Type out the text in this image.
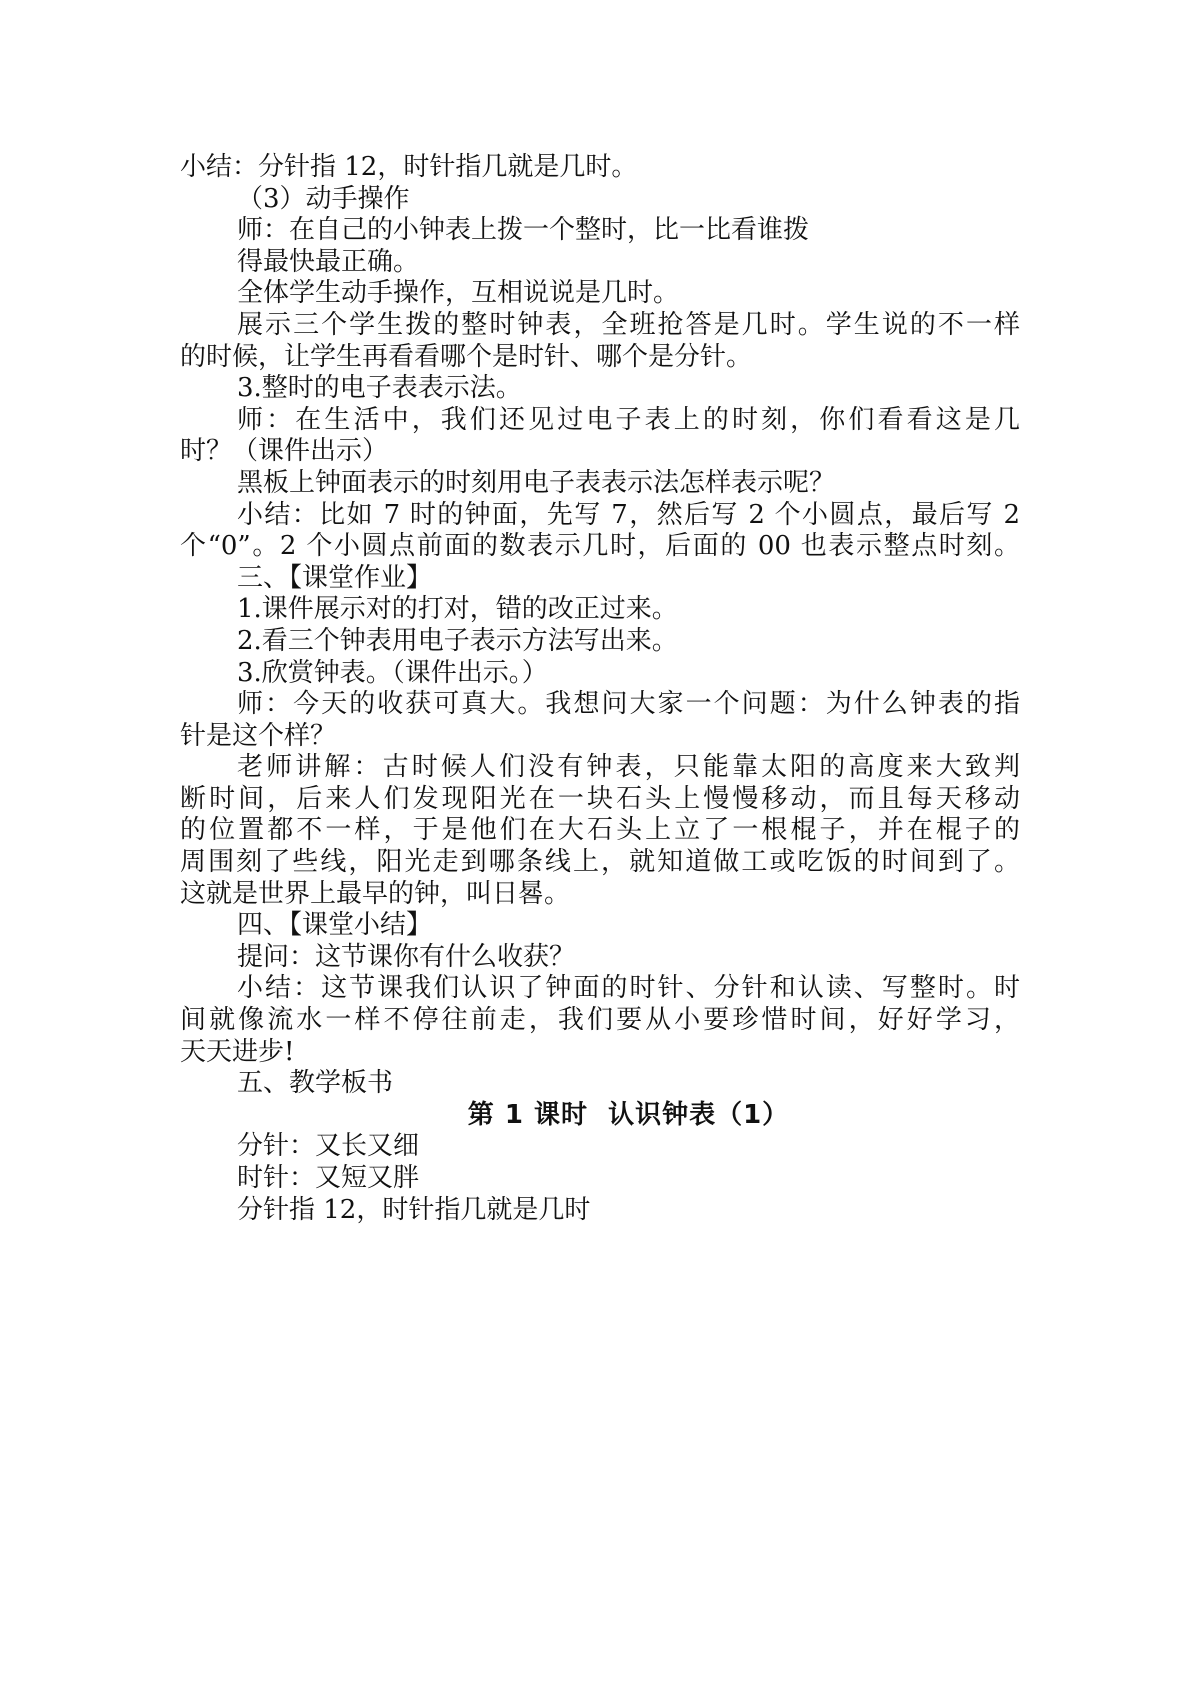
小结：分针指 12，时针指几就是几时。
（3）动手操作
师：在自己的小钟表上拨一个整时，比一比看谁拨
得最快最正确。
全体学生动手操作，互相说说是几时。
展示三个学生拨的整时钟表，全班抢答是几时。学生说的不一样
的时候，让学生再看看哪个是时针、哪个是分针。
3.整时的电子表表示法。
师：在生活中，我们还见过电子表上的时刻，你们看看这是几
时？（课件出示）
黑板上钟面表示的时刻用电子表表示法怎样表示呢？
小结：比如 7 时的钟面，先写 7，然后写 2 个小圆点，最后写 2
个“0”。2 个小圆点前面的数表示几时，后面的 00 也表示整点时刻。
三、【课堂作业】
1.课件展示对的打对，错的改正过来。
2.看三个钟表用电子表示方法写出来。
3.欣赏钟表。（课件出示。）
师：今天的收获可真大。我想问大家一个问题：为什么钟表的指
针是这个样？
老师讲解：古时候人们没有钟表，只能靠太阳的高度来大致判
断时间，后来人们发现阳光在一块石头上慢慢移动，而且每天移动
的位置都不一样，于是他们在大石头上立了一根棍子，并在棍子的
周围刻了些线，阳光走到哪条线上，就知道做工或吃饭的时间到了。
这就是世界上最早的钟，叫日晷。
四、【课堂小结】
提问：这节课你有什么收获？
小结：这节课我们认识了钟面的时针、分针和认读、写整时。时
间就像流水一样不停往前走，我们要从小要珍惜时间，好好学习，
天天进步!
五、教学板书
第 1 课时  认识钟表（1）
分针：又长又细
时针：又短又胖
分针指 12，时针指几就是几时
